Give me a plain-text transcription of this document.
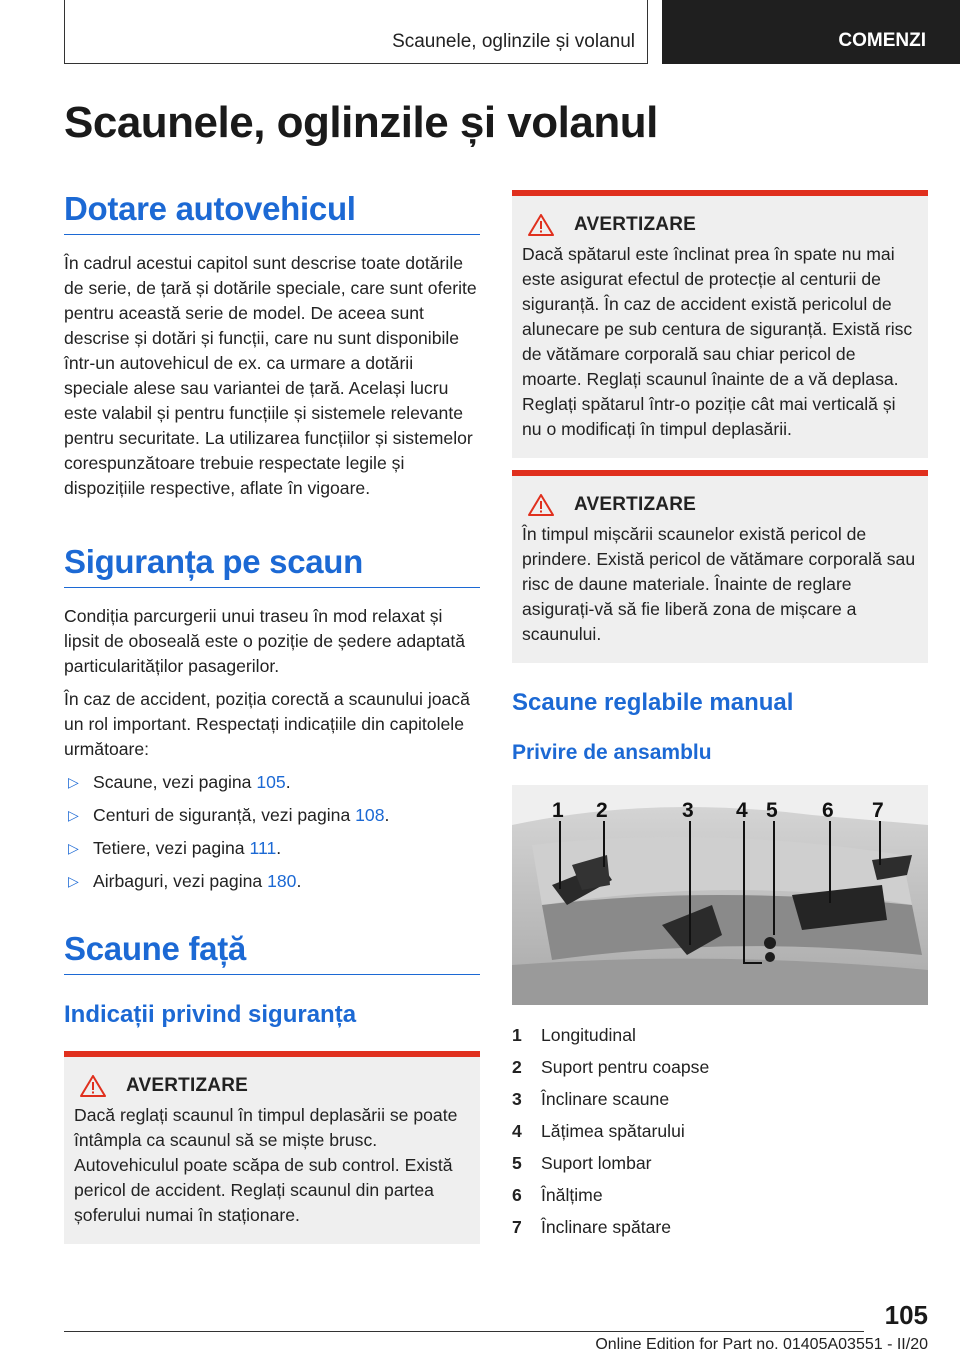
Scaunele, oglinzile și volanul	COMENZI
Scaunele, oglinzile și volanul
Dotare autovehicul

În cadrul acestui capitol sunt descrise toate dotările de serie, de țară și dotările speciale, care sunt oferite pentru această serie de model. De aceea sunt descrise și dotări și funcții, care nu sunt disponibile într-un autovehicul de ex. ca urmare a dotării speciale alese sau variantei de țară. Același lucru este valabil și pentru funcțiile și sistemele relevante pentru securitate. La utilizarea funcțiilor și sistemelor corespunzătoare trebuie respectate legile și dispozițiile respective, aflate în vigoare.

Siguranța pe scaun

Condiția parcurgerii unui traseu în mod relaxat și lipsit de oboseală este o poziție de ședere adaptată particularităților pasagerilor.

În caz de accident, poziția corectă a scaunului joacă un rol important. Respectați indicațiile din capitolele următoare:

▷ Scaune, vezi pagina 105.
▷ Centuri de siguranță, vezi pagina 108.
▷ Tetiere, vezi pagina 111.
▷ Airbaguri, vezi pagina 180.
Scaune față
Indicații privind siguranța
AVERTIZARE

Dacă reglați scaunul în timpul deplasării se poate întâmpla ca scaunul să se miște brusc. Autovehiculul poate scăpa de sub control. Există pericol de accident. Reglați scaunul din partea șoferului numai în staționare.

AVERTIZARE

Dacă spătarul este înclinat prea în spate nu mai este asigurat efectul de protecție al centurii de siguranță. În caz de accident există pericolul de alunecare pe sub centura de siguranță. Există risc de vătămare corporală sau chiar pericol de moarte. Reglați scaunul înainte de a vă deplasa. Reglați spătarul într-o poziție cât mai verticală și nu o modificați în timpul deplasării.

AVERTIZARE

În timpul mișcării scaunelor există pericol de prindere. Există pericol de vătămare corporală sau risc de daune materiale. Înainte de reglare asigurați-vă să fie liberă zona de mișcare a scaunului.

Scaune reglabile manual
Privire de ansamblu
1 2	3 4 5 6 7
1	Longitudinal
2	Suport pentru coapse
3	Înclinare scaune
4	Lățimea spătarului
5	Suport lombar
6	Înălțime
7	Înclinare spătare
105
Online Edition for Part no. 01405A03551 - II/20
